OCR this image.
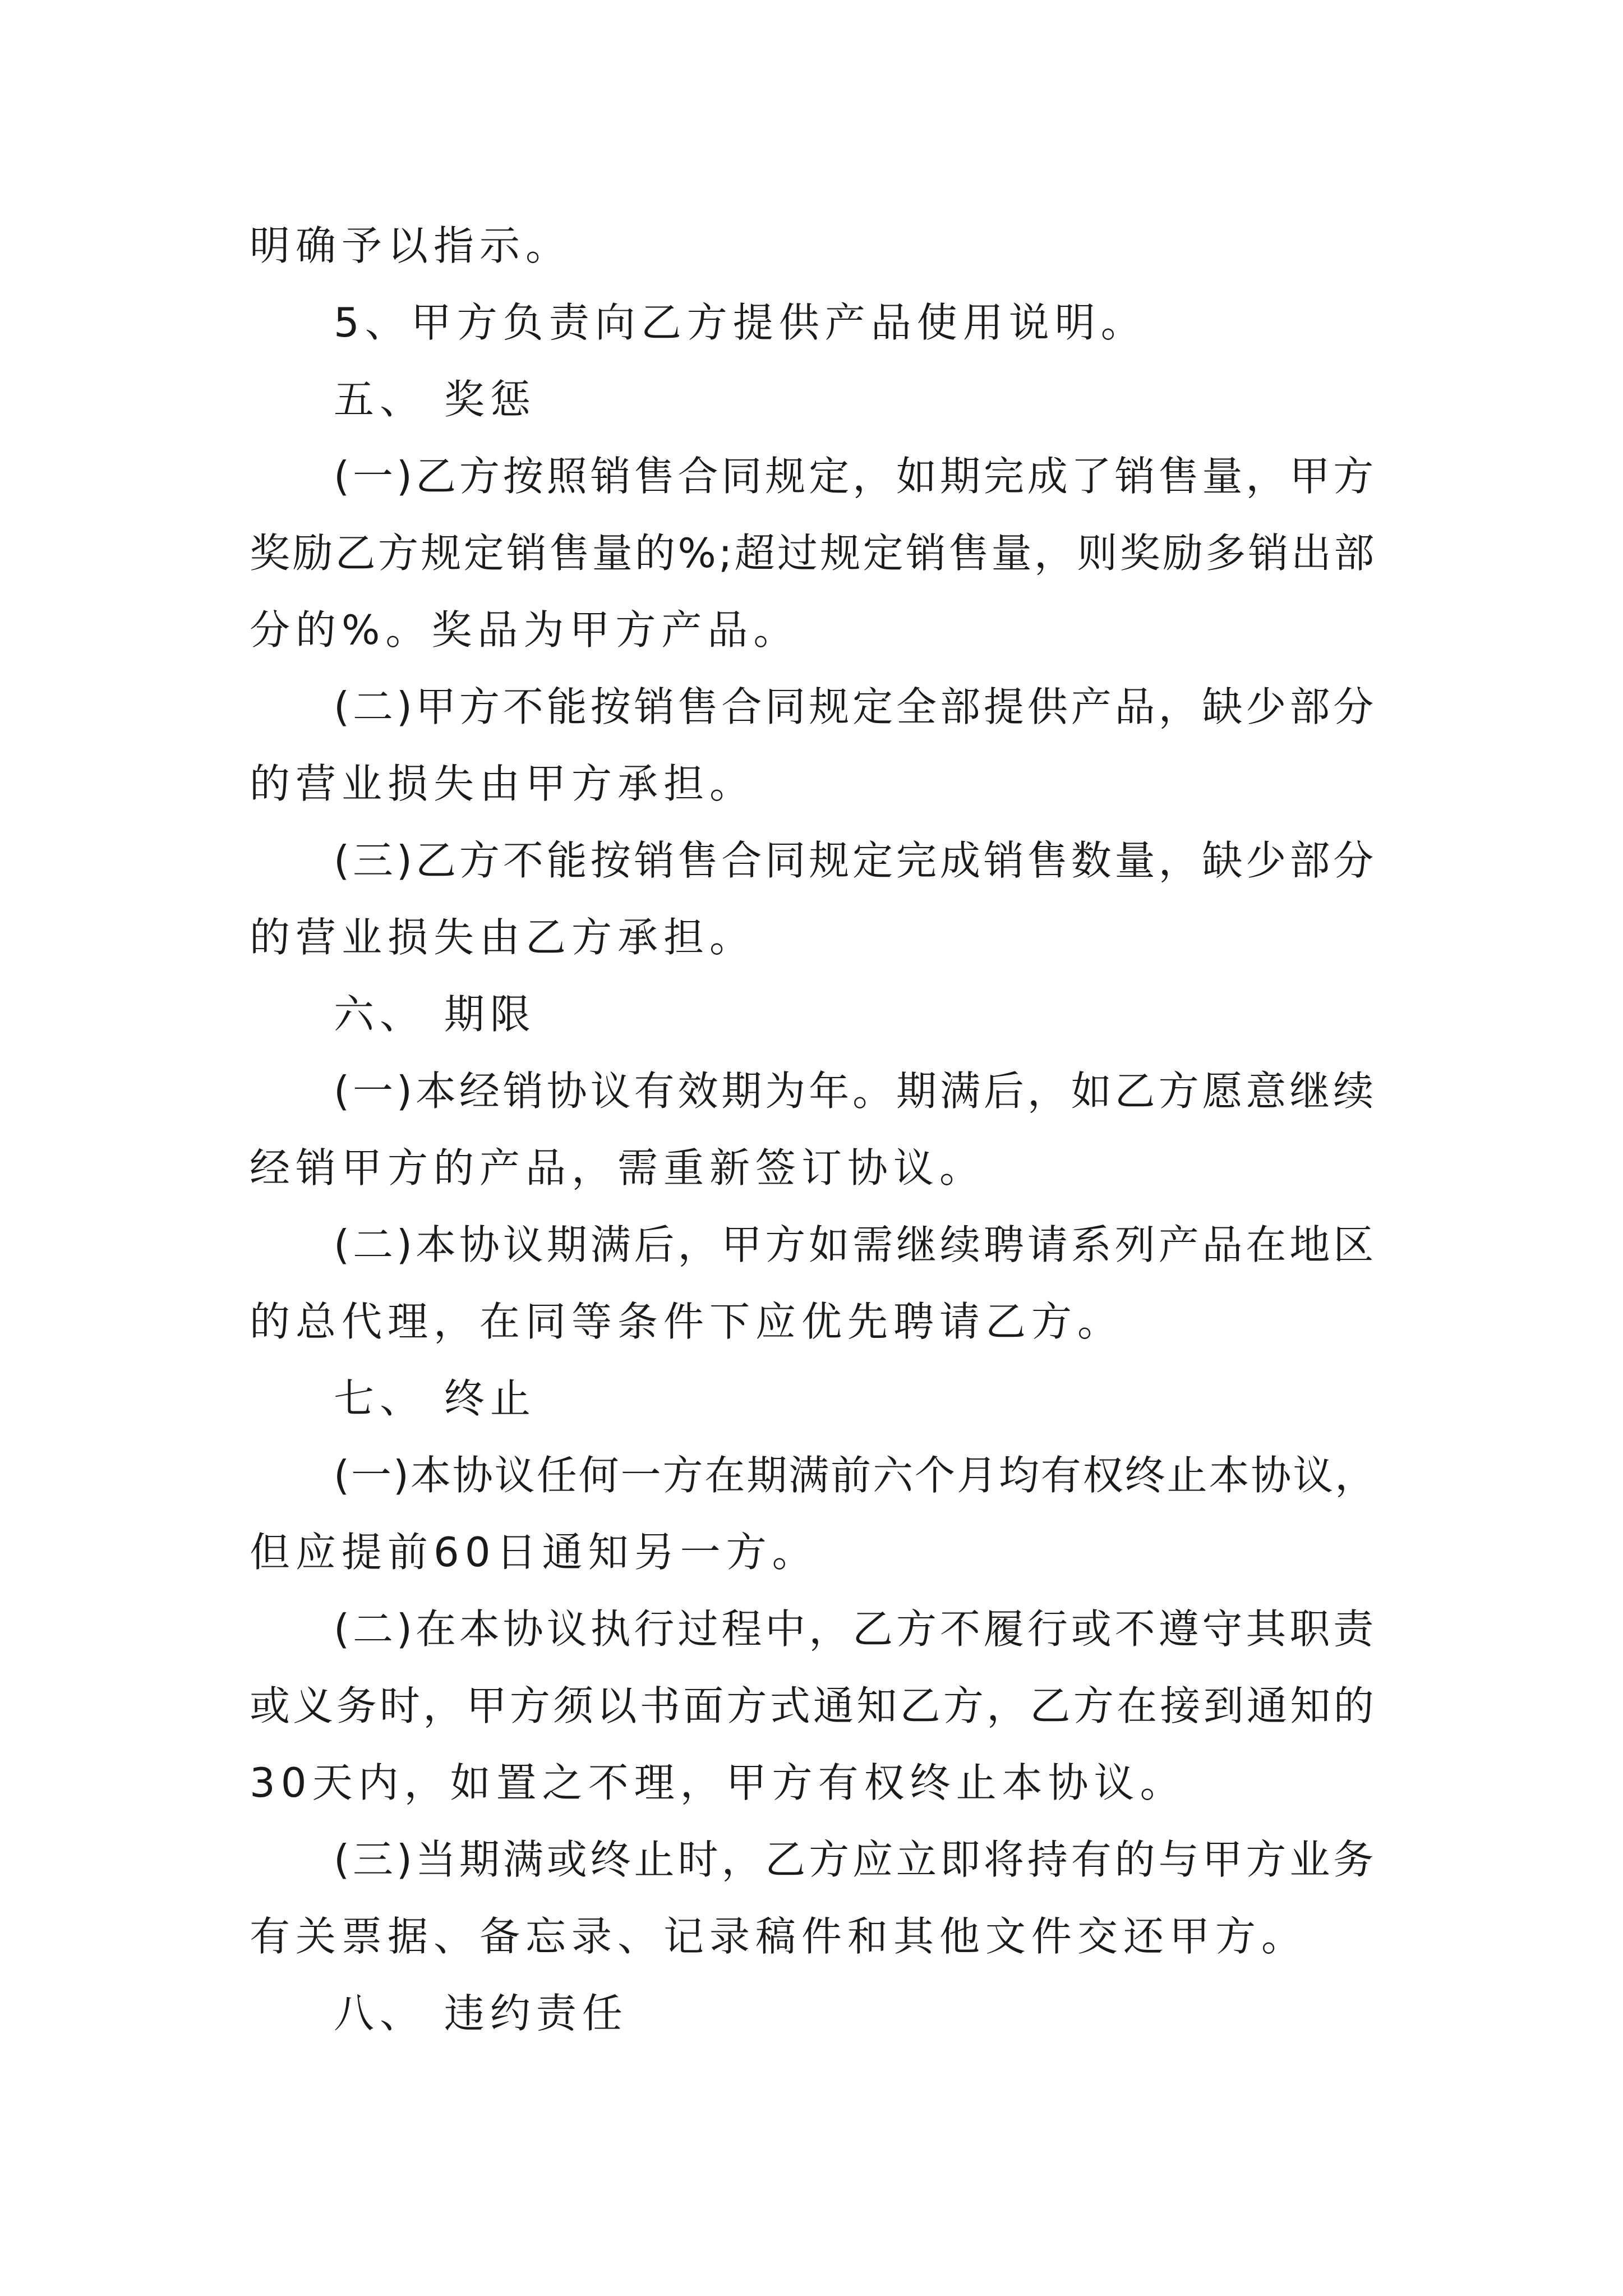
明确予以指示。
5、甲方负责向乙方提供产品使用说明。
五、 奖惩
(一)乙方按照销售合同规定，如期完成了销售量，甲方
奖励乙方规定销售量的%;超过规定销售量，则奖励多销出部
分的%。奖品为甲方产品。
(二)甲方不能按销售合同规定全部提供产品，缺少部分
的营业损失由甲方承担。
(三)乙方不能按销售合同规定完成销售数量，缺少部分
的营业损失由乙方承担。
六、 期限
(一)本经销协议有效期为年。期满后，如乙方愿意继续
经销甲方的产品，需重新签订协议。
(二)本协议期满后，甲方如需继续聘请系列产品在地区
的总代理，在同等条件下应优先聘请乙方。
七、 终止
(一)本协议任何一方在期满前六个月均有权终止本协议，
但应提前60日通知另一方。
(二)在本协议执行过程中，乙方不履行或不遵守其职责
或义务时，甲方须以书面方式通知乙方，乙方在接到通知的
30天内，如置之不理，甲方有权终止本协议。
(三)当期满或终止时，乙方应立即将持有的与甲方业务
有关票据、备忘录、记录稿件和其他文件交还甲方。
八、 违约责任
